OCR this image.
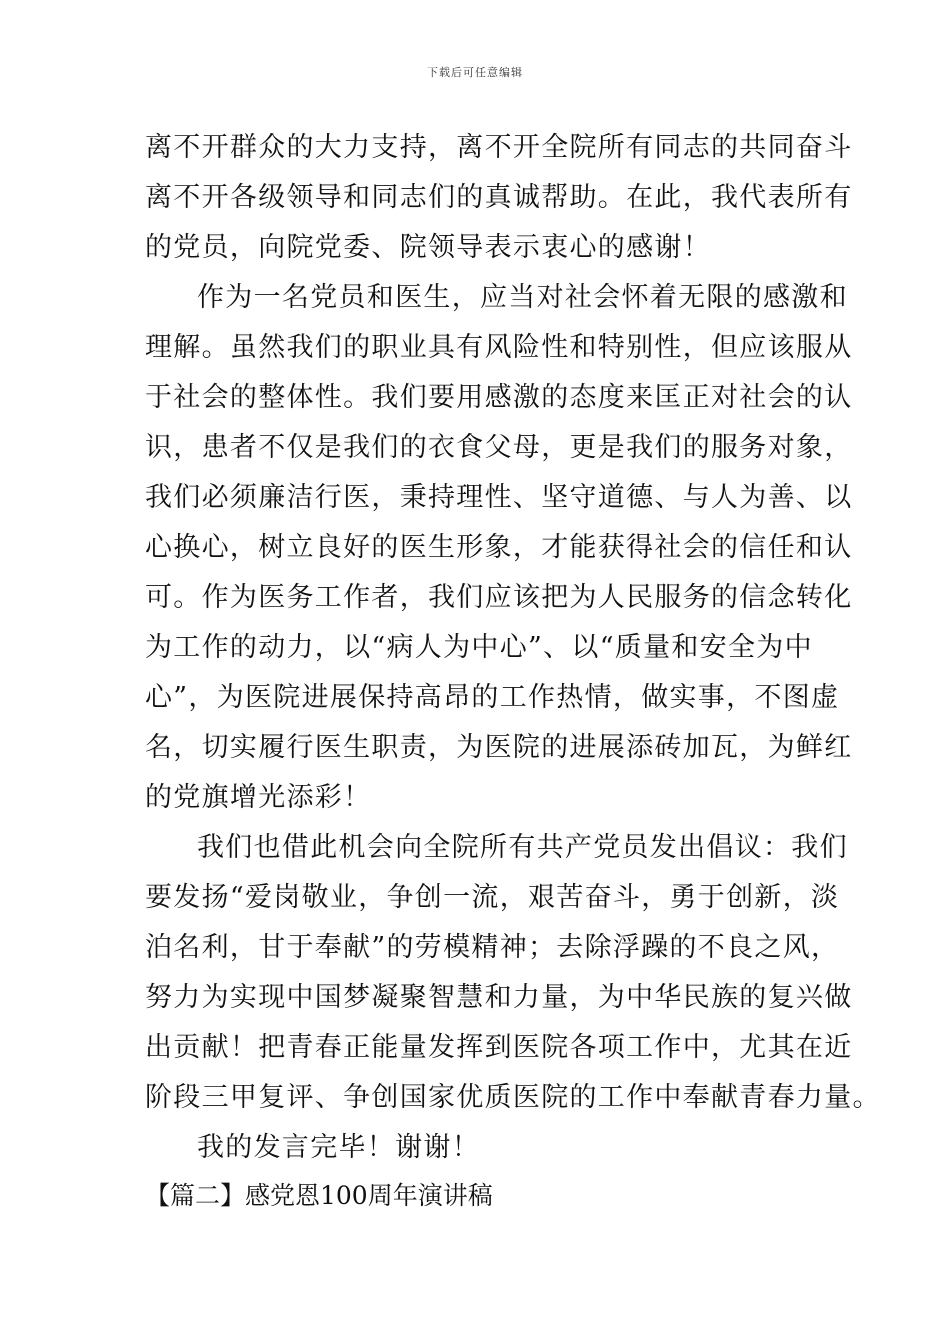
下载后可任意编辑
离不开群众的大力支持，离不开全院所有同志的共同奋斗
离不开各级领导和同志们的真诚帮助。在此，我代表所有
的党员，向院党委、院领导表示衷心的感谢！
作为一名党员和医生，应当对社会怀着无限的感激和
理解。虽然我们的职业具有风险性和特别性，但应该服从
于社会的整体性。我们要用感激的态度来匡正对社会的认
识，患者不仅是我们的衣食父母，更是我们的服务对象，
我们必须廉洁行医，秉持理性、坚守道德、与人为善、以
心换心，树立良好的医生形象，才能获得社会的信任和认
可。作为医务工作者，我们应该把为人民服务的信念转化
为工作的动力，以“病人为中心”、以“质量和安全为中
心”，为医院进展保持高昂的工作热情，做实事，不图虚
名，切实履行医生职责，为医院的进展添砖加瓦，为鲜红
的党旗增光添彩！
我们也借此机会向全院所有共产党员发出倡议：我们
要发扬“爱岗敬业，争创一流，艰苦奋斗，勇于创新，淡
泊名利，甘于奉献”的劳模精神；去除浮躁的不良之风，
努力为实现中国梦凝聚智慧和力量，为中华民族的复兴做
出贡献！把青春正能量发挥到医院各项工作中，尤其在近
阶段三甲复评、争创国家优质医院的工作中奉献青春力量。
我的发言完毕！谢谢！
【篇二】感党恩100周年演讲稿
